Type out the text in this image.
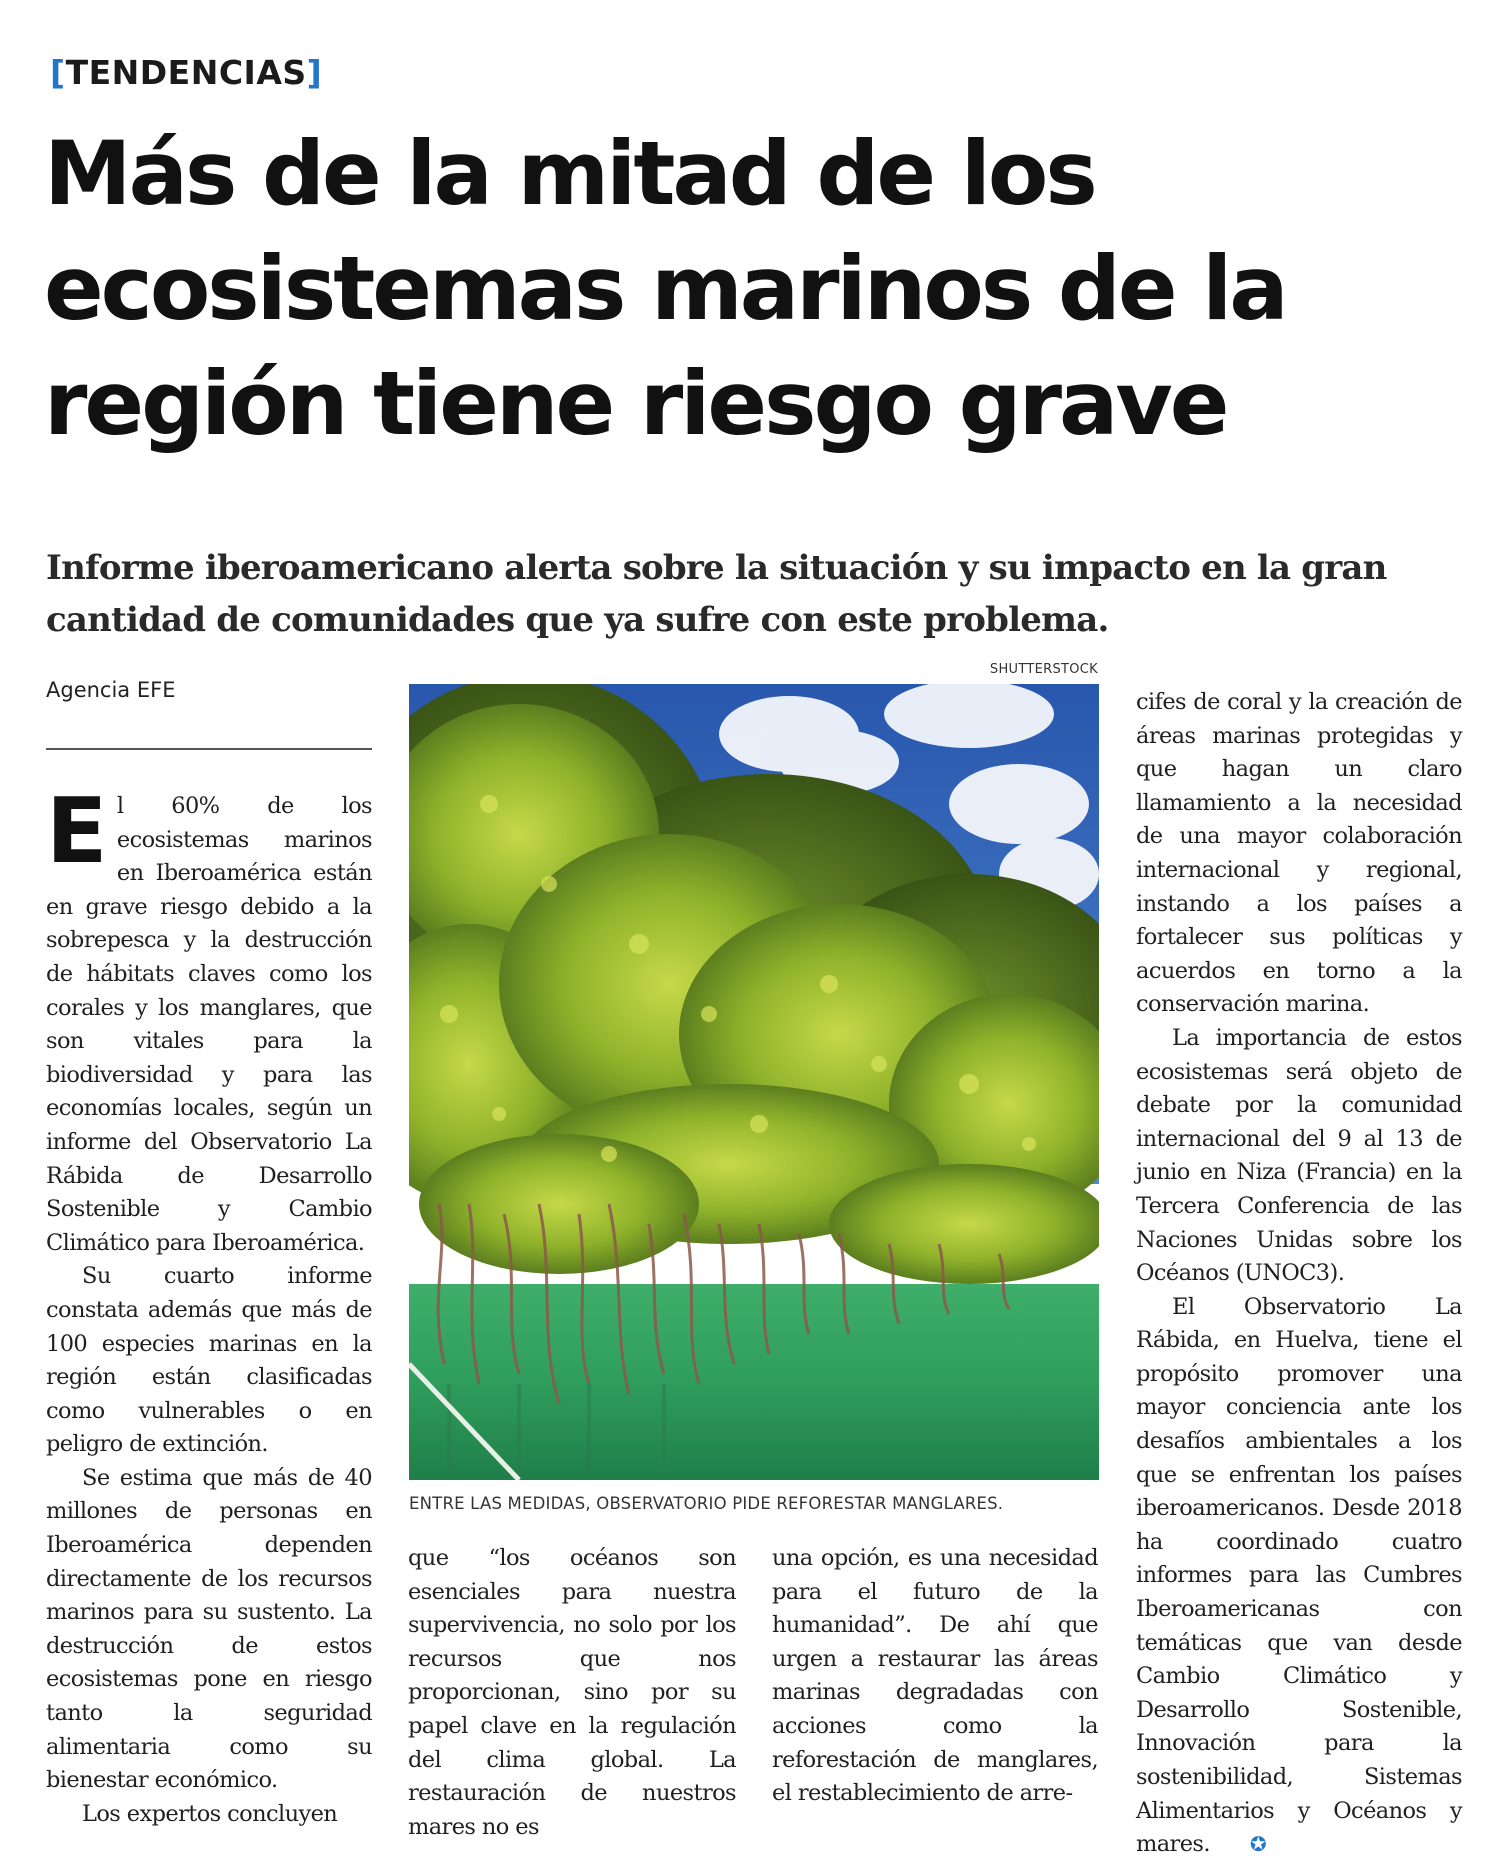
[TENDENCIAS]
Más de la mitad de los ecosistemas marinos de la región tiene riesgo grave

Informe iberoamericano alerta sobre la situación y su impacto en la gran cantidad de comunidades que ya sufre con este problema.

Agencia EFE

El 60% de los ecosistemas marinos en Iberoamérica están en grave riesgo debido a la sobrepesca y la destrucción de hábitats claves como los corales y los manglares, que son vitales para la biodiversidad y para las economías locales, según un informe del Observatorio La Rábida de Desarrollo Sostenible y Cambio Climático para Iberoamérica.

Su cuarto informe constata además que más de 100 especies marinas en la región están clasificadas como vulnerables o en peligro de extinción.

Se estima que más de 40 millones de personas en Iberoamérica dependen directamente de los recursos marinos para su sustento. La destrucción de estos ecosistemas pone en riesgo tanto la seguridad alimentaria como su bienestar económico.

Los expertos concluyen

SHUTTERSTOCK
ENTRE LAS MEDIDAS, OBSERVATORIO PIDE REFORESTAR MANGLARES.

que “los océanos son esenciales para nuestra supervivencia, no solo por los recursos que nos proporcionan, sino por su papel clave en la regulación del clima global. La restauración de nuestros mares no es

una opción, es una necesidad para el futuro de la humanidad”. De ahí que urgen a restaurar las áreas marinas degradadas con acciones como la reforestación de manglares, el restablecimiento de arre-

cifes de coral y la creación de áreas marinas protegidas y que hagan un claro llamamiento a la necesidad de una mayor colaboración internacional y regional, instando a los países a fortalecer sus políticas y acuerdos en torno a la conservación marina.

La importancia de estos ecosistemas será objeto de debate por la comunidad internacional del 9 al 13 de junio en Niza (Francia) en la Tercera Conferencia de las Naciones Unidas sobre los Océanos (UNOC3).

El Observatorio La Rábida, en Huelva, tiene el propósito promover una mayor conciencia ante los desafíos ambientales a los que se enfrentan los países iberoamericanos. Desde 2018 ha coordinado cuatro informes para las Cumbres Iberoamericanas con temáticas que van desde Cambio Climático y Desarrollo Sostenible, Innovación para la sostenibilidad, Sistemas Alimentarios y Océanos y mares. ✪
